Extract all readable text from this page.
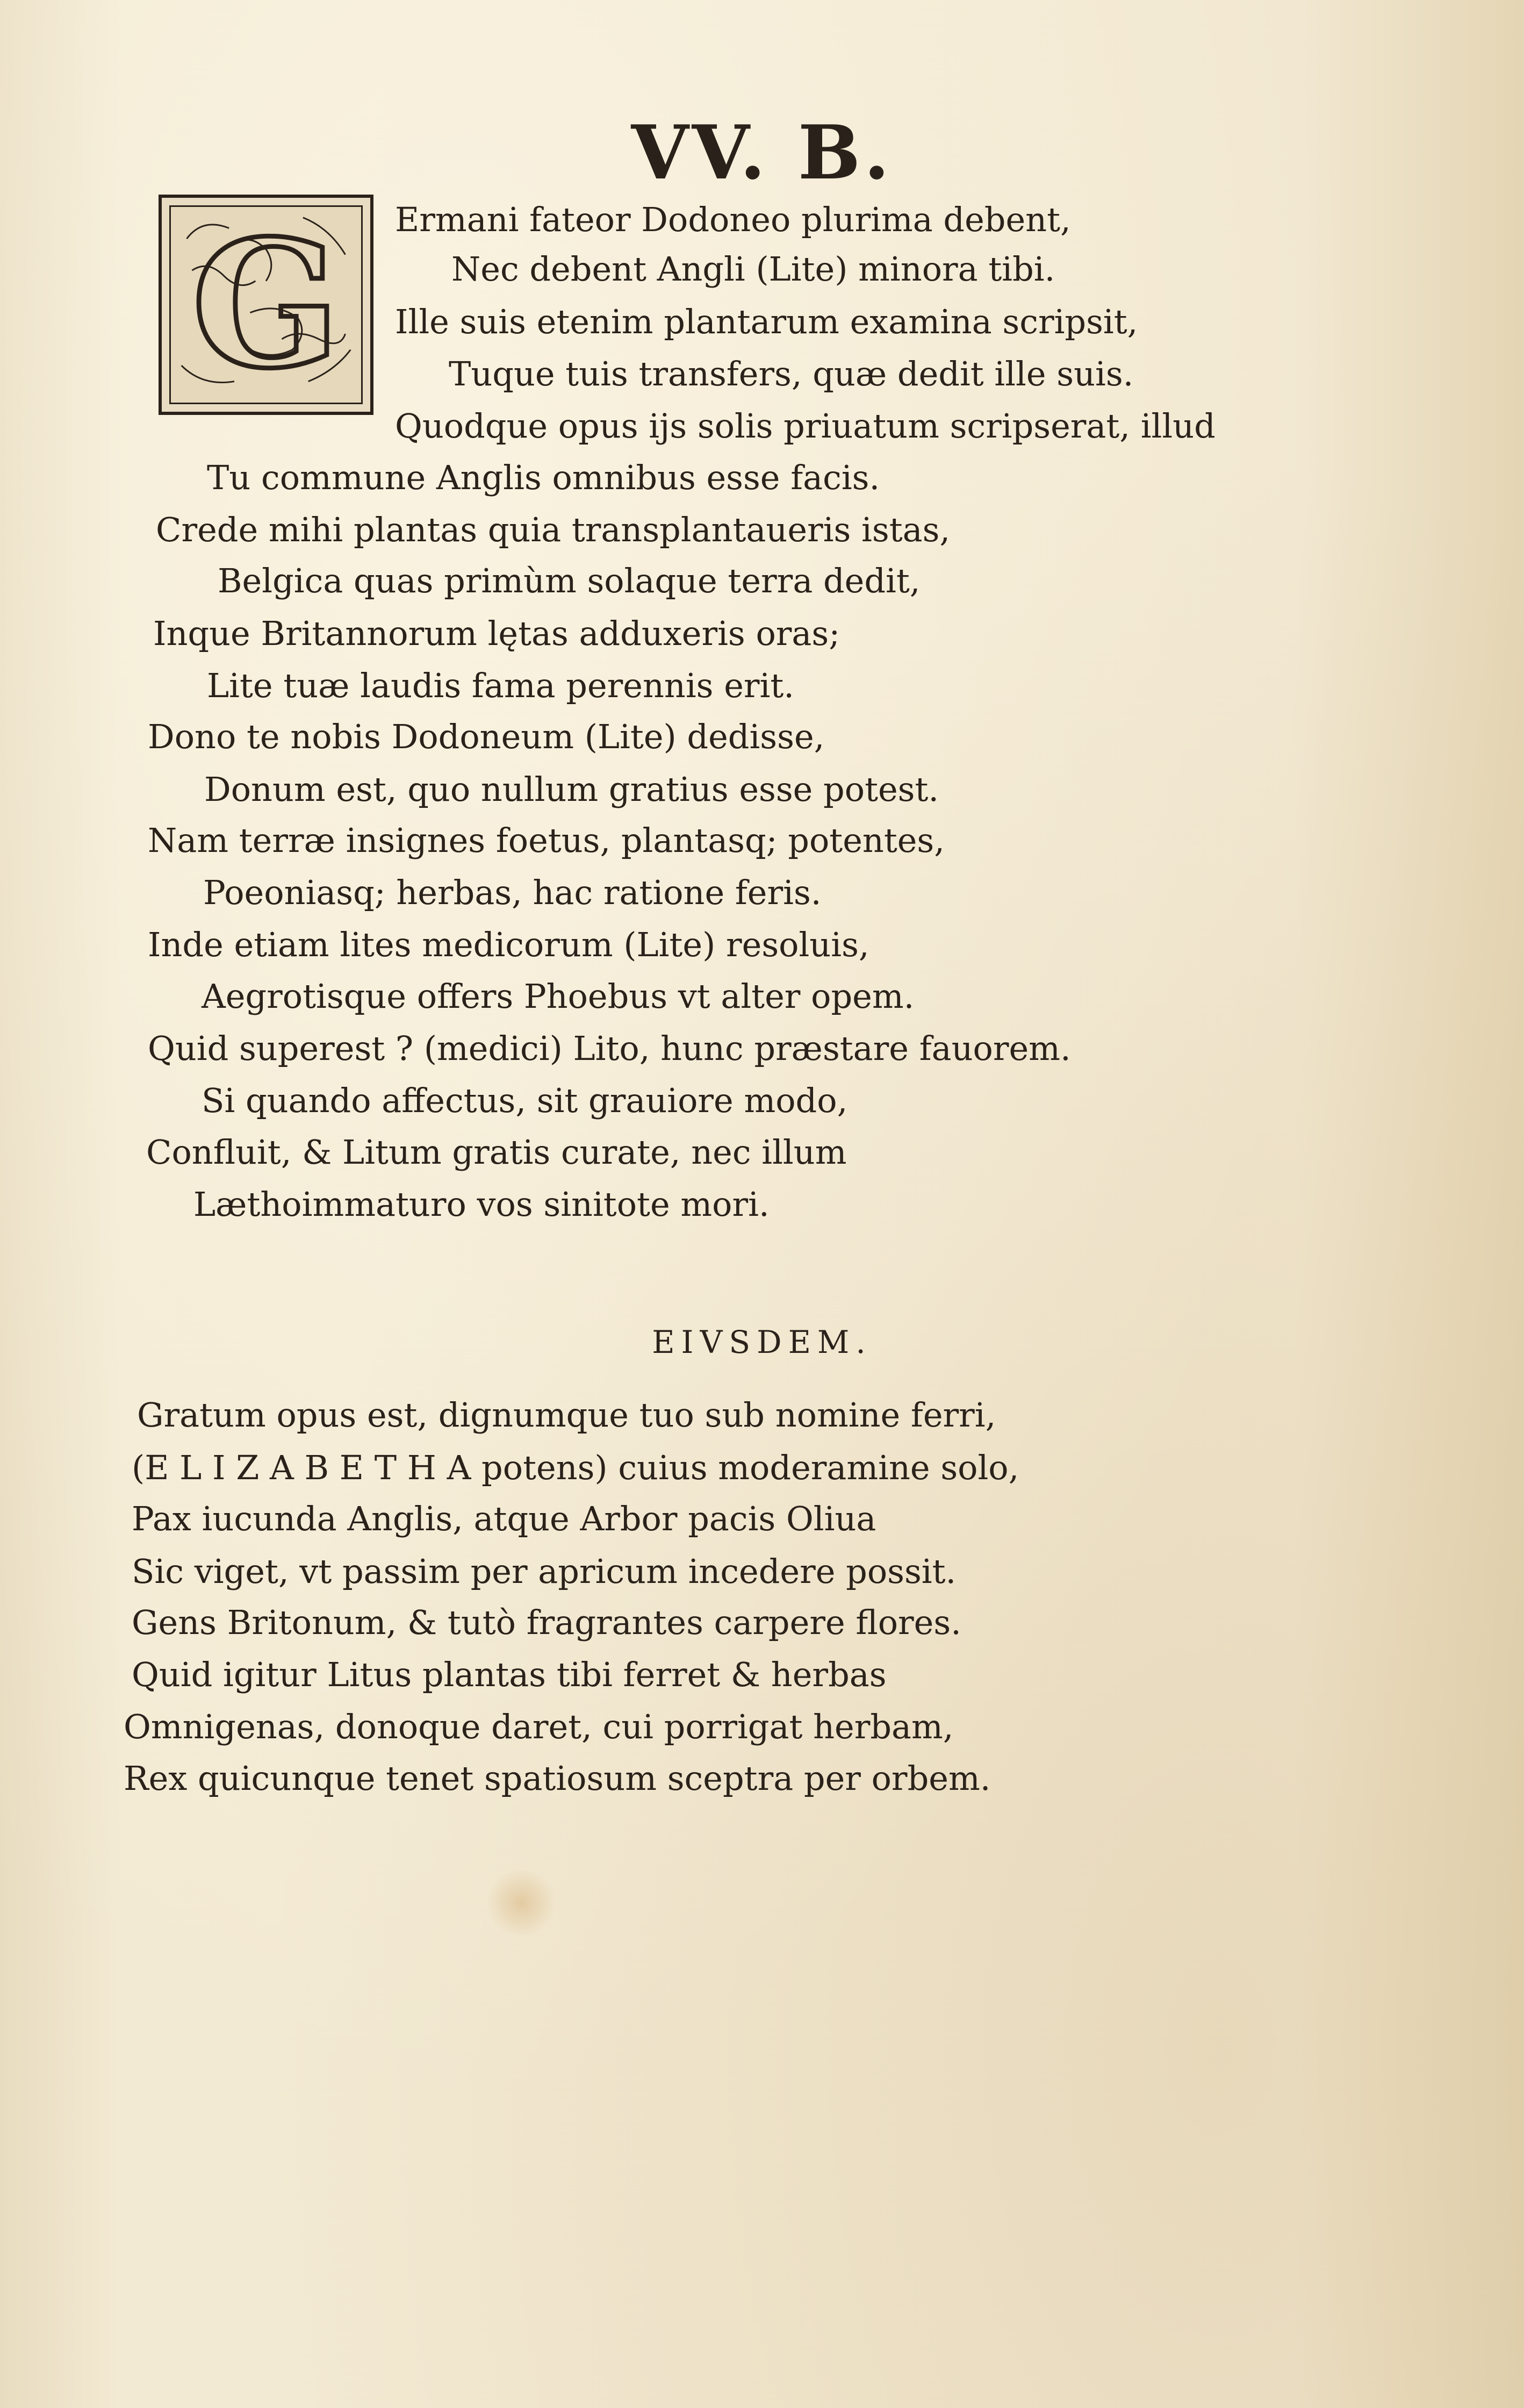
VV. B.
G Ermani fateor Dodoneo plurima debent,
Nec debent Angli (Lite) minora tibi.
Ille suis etenim plantarum examina scripsit,
Tuque tuis transfers, quæ dedit ille suis.
Quodque opus ijs solis priuatum scripserat, illud
Tu commune Anglis omnibus esse facis.
Crede mihi plantas quia transplantaueris istas,
Belgica quas primùm solaque terra dedit,
Inque Britannorum lętas adduxeris oras;
Lite tuæ laudis fama perennis erit.
Dono te nobis Dodoneum (Lite) dedisse,
Donum est, quo nullum gratius esse potest.
Nam terræ insignes foetus, plantasq; potentes,
Poeoniasq; herbas, hac ratione feris.
Inde etiam lites medicorum (Lite) resoluis,
Aegrotisque offers Phoebus vt alter opem.
Quid superest ? (medici) Lito, hunc præstare fauorem.
Si quando affectus, sit grauiore modo,
Confluit, & Litum gratis curate, nec illum
Læthoimmaturo vos sinitote mori.
EIVSDEM.
Gratum opus est, dignumque tuo sub nomine ferri,
(E L I Z A B E T H A potens) cuius moderamine solo,
Pax iucunda Anglis, atque Arbor pacis Oliua
Sic viget, vt passim per apricum incedere possit.
Gens Britonum, & tutò fragrantes carpere flores.
Quid igitur Litus plantas tibi ferret & herbas
Omnigenas, donoque daret, cui porrigat herbam,
Rex quicunque tenet spatiosum sceptra per orbem.
